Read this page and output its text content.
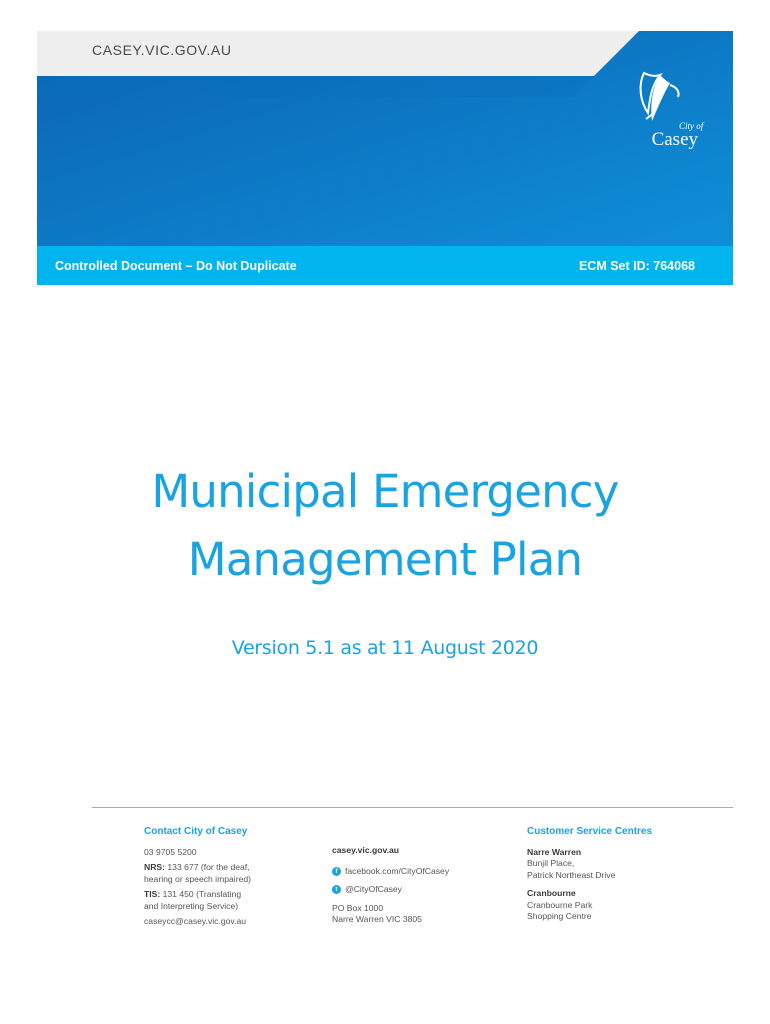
CASEY.VIC.GOV.AU
City of
Casey
Controlled Document – Do Not Duplicate	ECM Set ID: 764068
Municipal Emergency
Management Plan
Version 5.1 as at 11 August 2020
Contact City of Casey
03 9705 5200
NRS: 133 677 (for the deaf,
hearing or speech impaired)
TIS: 131 450 (Translating
and Interpreting Service)
caseycc@casey.vic.gov.au
casey.vic.gov.au
f facebook.com/CityOfCasey
t @CityOfCasey
PO Box 1000
Narre Warren VIC 3805
Customer Service Centres
Narre Warren
Bunjil Place,
Patrick Northeast Drive
Cranbourne
Cranbourne Park
Shopping Centre
